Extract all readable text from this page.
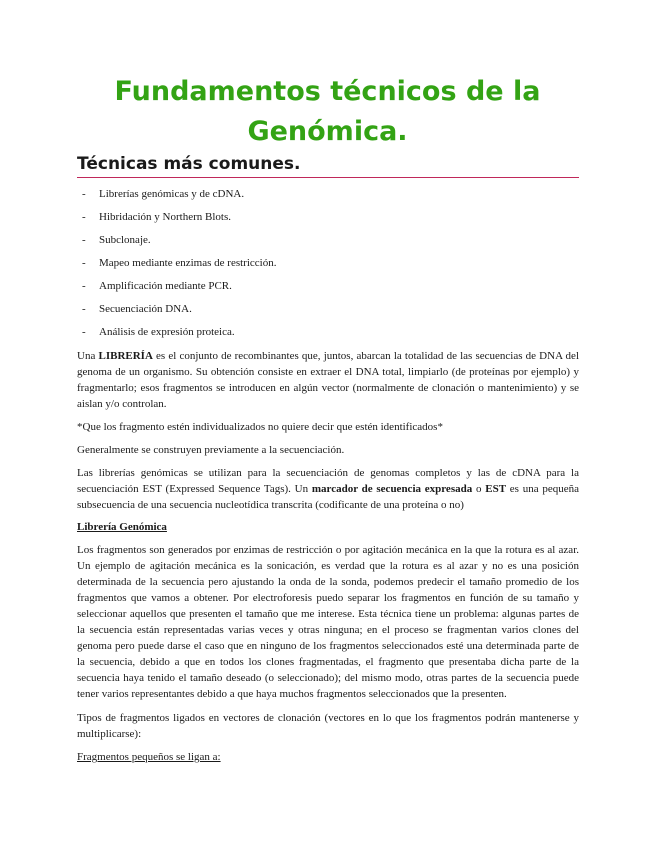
Fundamentos técnicos de la Genómica.
Técnicas más comunes.
- Librerías genómicas y de cDNA.
- Hibridación y Northern Blots.
- Subclonaje.
- Mapeo mediante enzimas de restricción.
- Amplificación mediante PCR.
- Secuenciación DNA.
- Análisis de expresión proteica.

Una LIBRERÍA es el conjunto de recombinantes que, juntos, abarcan la totalidad de las secuencias de DNA del genoma de un organismo. Su obtención consiste en extraer el DNA total, limpiarlo (de proteínas por ejemplo) y fragmentarlo; esos fragmentos se introducen en algún vector (normalmente de clonación o mantenimiento) y se aislan y/o controlan.

*Que los fragmento estén individualizados no quiere decir que estén identificados*

Generalmente se construyen previamente a la secuenciación.

Las librerías genómicas se utilizan para la secuenciación de genomas completos y las de cDNA para la secuenciación EST (Expressed Sequence Tags). Un marcador de secuencia expresada o EST es una pequeña subsecuencia de una secuencia nucleotídica transcrita (codificante de una proteína o no)

Librería Genómica

Los fragmentos son generados por enzimas de restricción o por agitación mecánica en la que la rotura es al azar. Un ejemplo de agitación mecánica es la sonicación, es verdad que la rotura es al azar y no es una posición determinada de la secuencia pero ajustando la onda de la sonda, podemos predecir el tamaño promedio de los fragmentos que vamos a obtener. Por electroforesis puedo separar los fragmentos en función de su tamaño y seleccionar aquellos que presenten el tamaño que me interese. Esta técnica tiene un problema: algunas partes de la secuencia están representadas varias veces y otras ninguna; en el proceso se fragmentan varios clones del genoma pero puede darse el caso que en ninguno de los fragmentos seleccionados esté una determinada parte de la secuencia, debido a que en todos los clones fragmentadas, el fragmento que presentaba dicha parte de la secuencia haya tenido el tamaño deseado (o seleccionado); del mismo modo, otras partes de la secuencia puede tener varios representantes debido a que haya muchos fragmentos seleccionados que la presenten.

Tipos de fragmentos ligados en vectores de clonación (vectores en lo que los fragmentos podrán mantenerse y multiplicarse):

Fragmentos pequeños se ligan a:
